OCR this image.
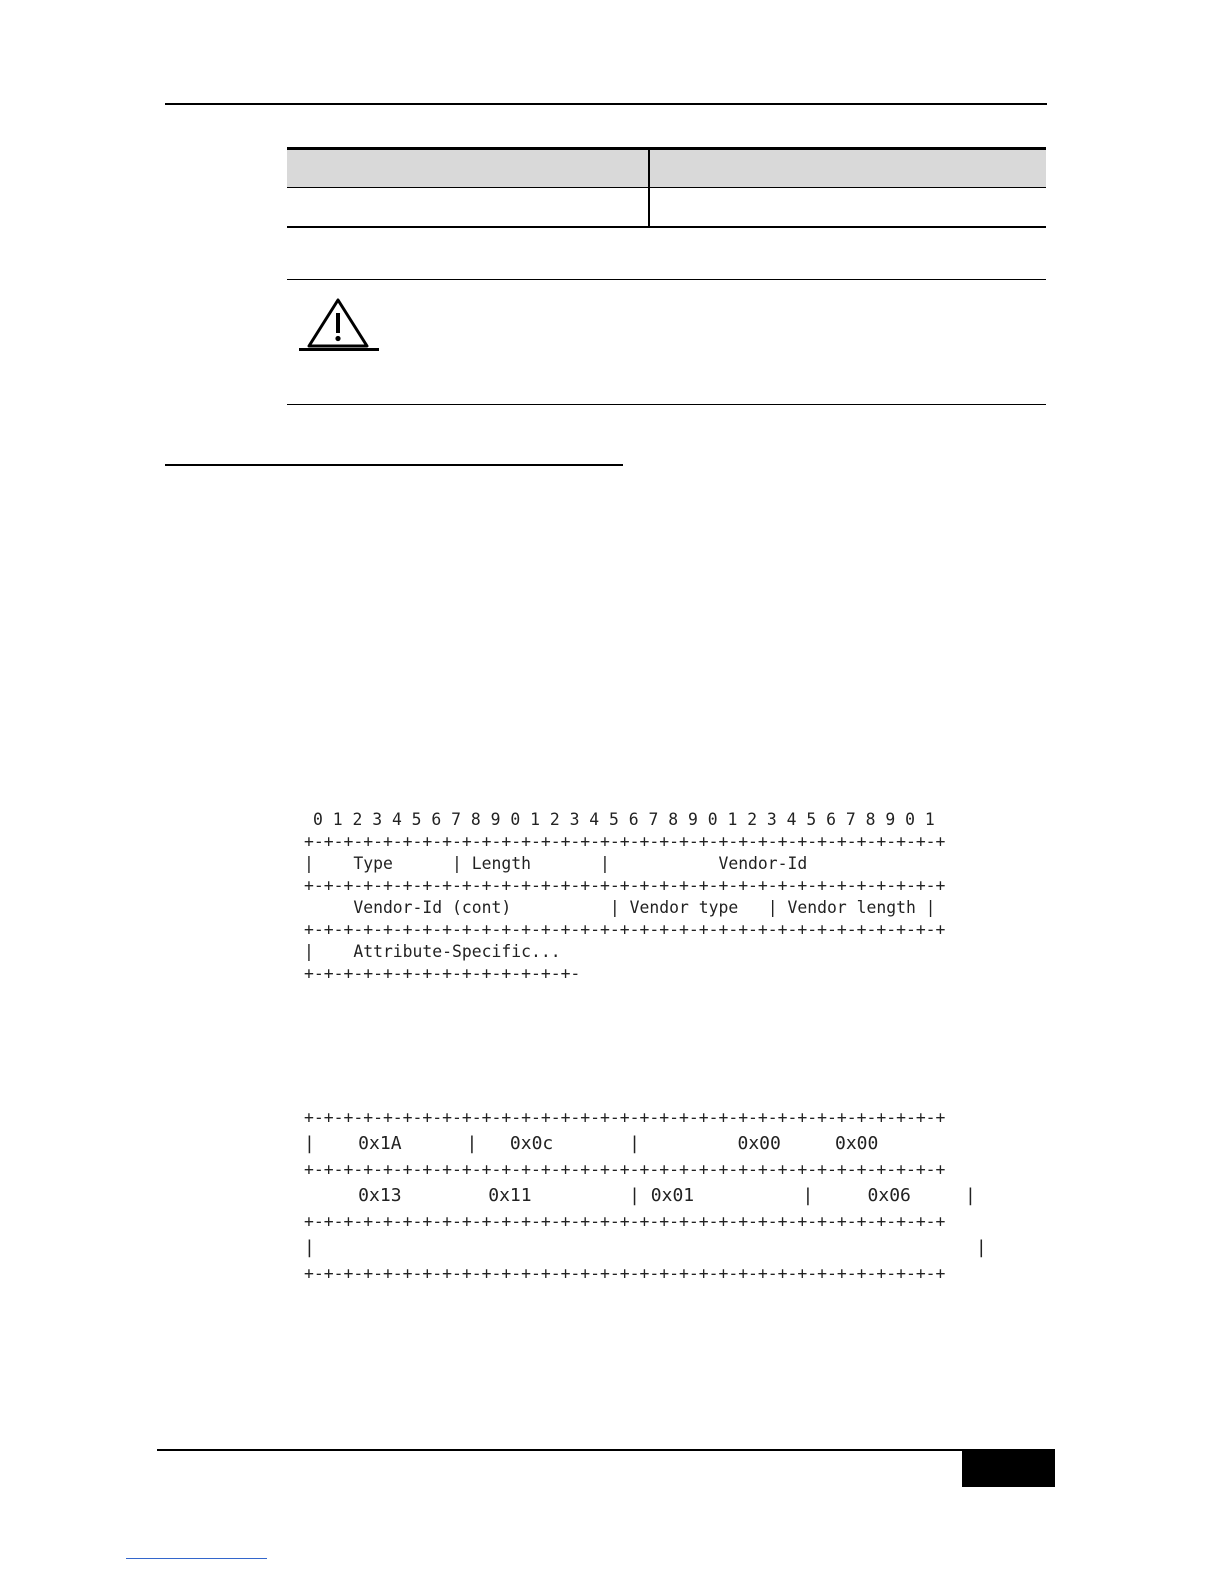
0 1 2 3 4 5 6 7 8 9 0 1 2 3 4 5 6 7 8 9 0 1 2 3 4 5 6 7 8 9 0 1
+-+-+-+-+-+-+-+-+-+-+-+-+-+-+-+-+-+-+-+-+-+-+-+-+-+-+-+-+-+-+-+-+
|    Type      | Length       |           Vendor-Id
+-+-+-+-+-+-+-+-+-+-+-+-+-+-+-+-+-+-+-+-+-+-+-+-+-+-+-+-+-+-+-+-+
Vendor-Id (cont)          | Vendor type   | Vendor length |
+-+-+-+-+-+-+-+-+-+-+-+-+-+-+-+-+-+-+-+-+-+-+-+-+-+-+-+-+-+-+-+-+
|    Attribute-Specific...
+-+-+-+-+-+-+-+-+-+-+-+-+-+-
+-+-+-+-+-+-+-+-+-+-+-+-+-+-+-+-+-+-+-+-+-+-+-+-+-+-+-+-+-+-+-+-+
|    0x1A      |   0x0c       |         0x00     0x00
+-+-+-+-+-+-+-+-+-+-+-+-+-+-+-+-+-+-+-+-+-+-+-+-+-+-+-+-+-+-+-+-+
0x13        0x11         | 0x01          |     0x06     |
+-+-+-+-+-+-+-+-+-+-+-+-+-+-+-+-+-+-+-+-+-+-+-+-+-+-+-+-+-+-+-+-+
|                                                             |
+-+-+-+-+-+-+-+-+-+-+-+-+-+-+-+-+-+-+-+-+-+-+-+-+-+-+-+-+-+-+-+-+
